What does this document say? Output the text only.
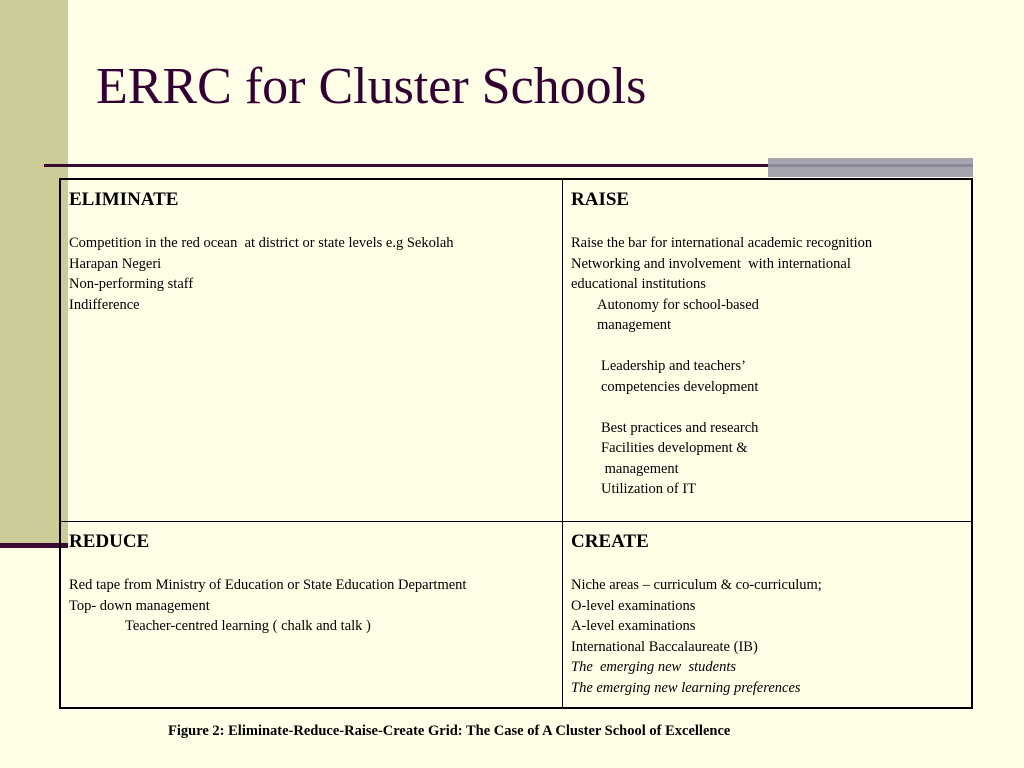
ERRC for Cluster Schools
ELIMINATE
Competition in the red ocean  at district or state levels e.g Sekolah
Harapan Negeri
Non-performing staff
Indifference
RAISE
Raise the bar for international academic recognition
Networking and involvement  with international
educational institutions
Autonomy for school-based
management
Leadership and teachers’
competencies development
Best practices and research
Facilities development &
management
Utilization of IT
REDUCE
Red tape from Ministry of Education or State Education Department
Top- down management
Teacher-centred learning ( chalk and talk )
CREATE
Niche areas – curriculum & co-curriculum;
O-level examinations
A-level examinations
International Baccalaureate (IB)
The  emerging new  students
The emerging new learning preferences
Figure 2: Eliminate-Reduce-Raise-Create Grid: The Case of A Cluster School of Excellence
